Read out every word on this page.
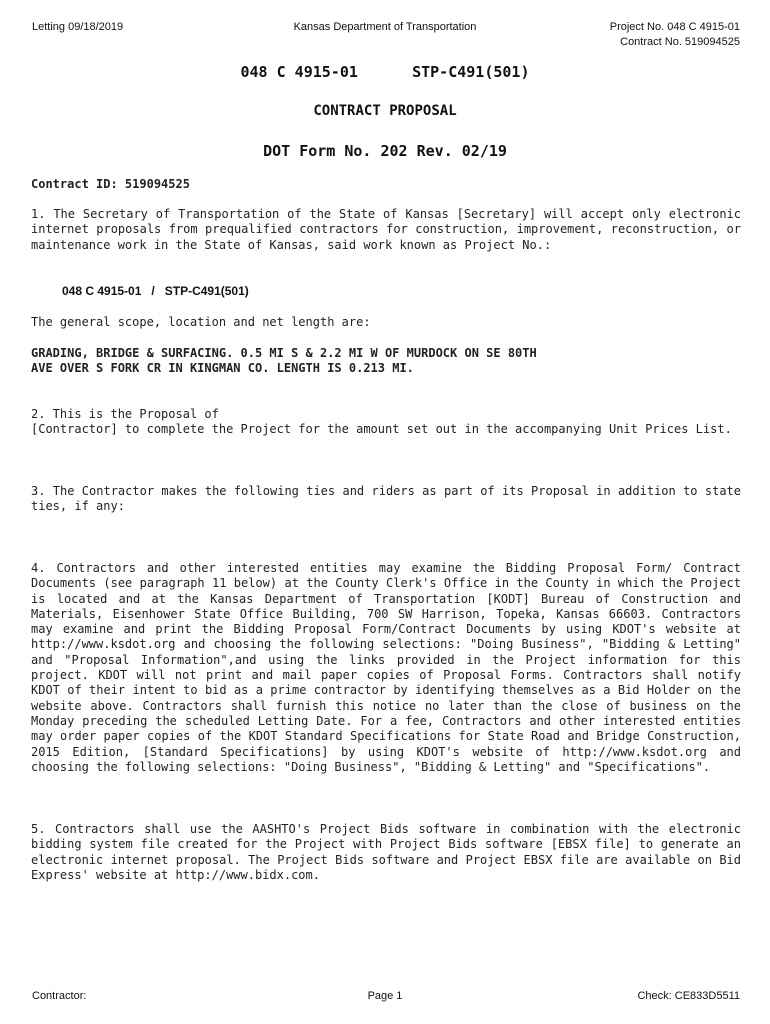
Letting 09/18/2019	Kansas Department of Transportation	Project No. 048 C 4915-01
Contract No. 519094525
048 C 4915-01      STP-C491(501)
CONTRACT PROPOSAL
DOT Form No. 202 Rev. 02/19
Contract ID: 519094525

1. The Secretary of Transportation of the State of Kansas [Secretary] will accept only electronic internet proposals from prequalified contractors for construction, improvement, reconstruction, or maintenance work in the State of Kansas, said work known as Project No.:

048 C 4915-01   /   STP-C491(501)

The general scope, location and net length are:

GRADING, BRIDGE & SURFACING. 0.5 MI S & 2.2 MI W OF MURDOCK ON SE 80TH AVE OVER S FORK CR IN KINGMAN CO. LENGTH IS 0.213 MI.

2. This is the Proposal of
[Contractor] to complete the Project for the amount set out in the accompanying Unit Prices List.

3. The Contractor makes the following ties and riders as part of its Proposal in addition to state ties, if any:

4. Contractors and other interested entities may examine the Bidding Proposal Form/ Contract Documents (see paragraph 11 below) at the County Clerk's Office in the County in which the Project is located and at the Kansas Department of Transportation [KODT] Bureau of Construction and Materials, Eisenhower State Office Building, 700 SW Harrison, Topeka, Kansas 66603. Contractors may examine and print the Bidding Proposal Form/Contract Documents by using KDOT's website at http://www.ksdot.org and choosing the following selections: "Doing Business", "Bidding & Letting" and "Proposal Information",and using the links provided in the Project information for this project. KDOT will not print and mail paper copies of Proposal Forms. Contractors shall notify KDOT of their intent to bid as a prime contractor by identifying themselves as a Bid Holder on the website above. Contractors shall furnish this notice no later than the close of business on the Monday preceding the scheduled Letting Date. For a fee, Contractors and other interested entities may order paper copies of the KDOT Standard Specifications for State Road and Bridge Construction, 2015 Edition, [Standard Specifications] by using KDOT's website of http://www.ksdot.org and choosing the following selections: "Doing Business", "Bidding & Letting" and "Specifications".

5. Contractors shall use the AASHTO's Project Bids software in combination with the electronic bidding system file created for the Project with Project Bids software [EBSX file] to generate an electronic internet proposal. The Project Bids software and Project EBSX file are available on Bid Express' website at http://www.bidx.com.

Contractor:	Page 1	Check: CE833D5511
